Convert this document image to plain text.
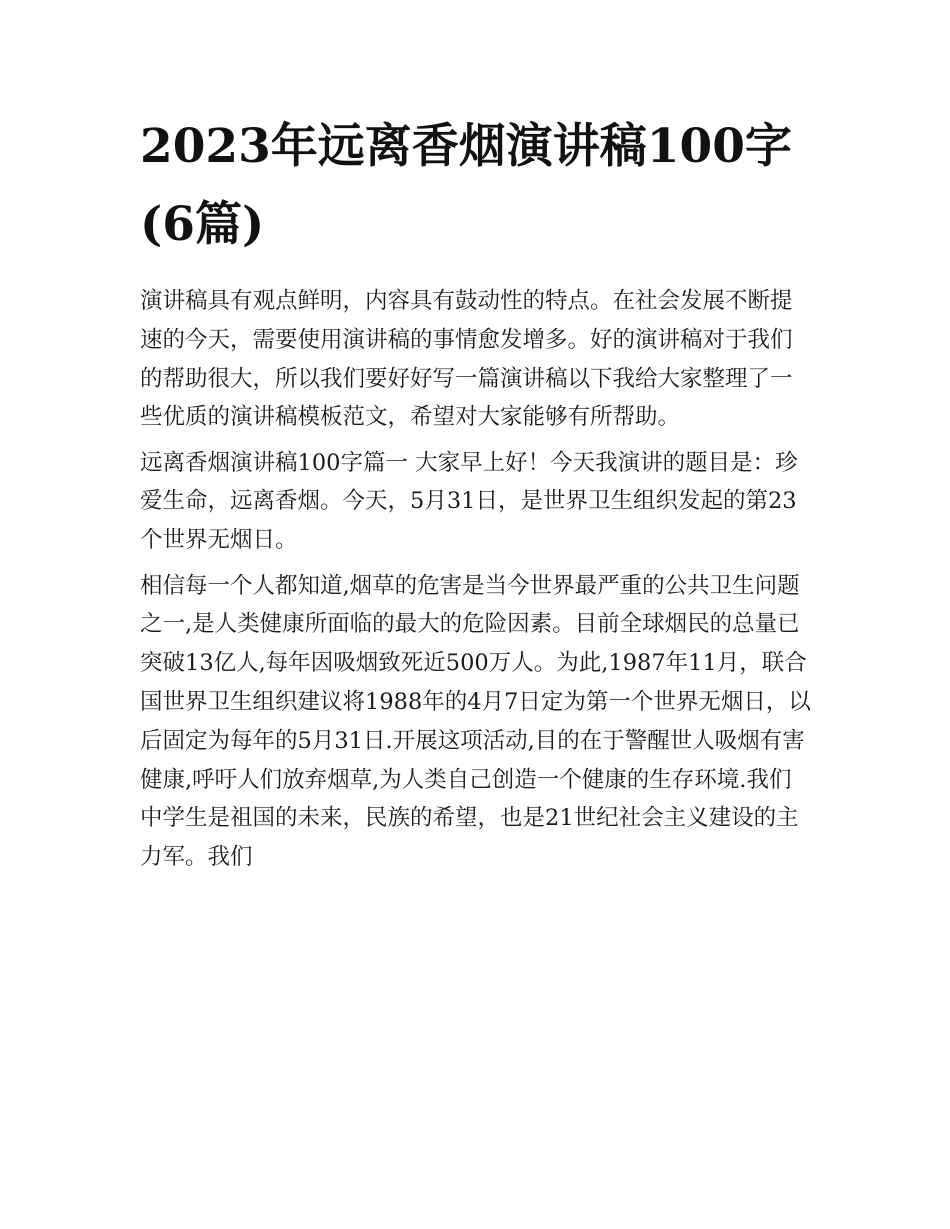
2023年远离香烟演讲稿100字(6篇)

演讲稿具有观点鲜明，内容具有鼓动性的特点。在社会发展不断提速的今天，需要使用演讲稿的事情愈发增多。好的演讲稿对于我们的帮助很大，所以我们要好好写一篇演讲稿以下我给大家整理了一些优质的演讲稿模板范文，希望对大家能够有所帮助。

远离香烟演讲稿100字篇一 大家早上好！今天我演讲的题目是：珍爱生命，远离香烟。今天，5月31日，是世界卫生组织发起的第23个世界无烟日。

相信每一个人都知道,烟草的危害是当今世界最严重的公共卫生问题之一,是人类健康所面临的最大的危险因素。目前全球烟民的总量已突破13亿人,每年因吸烟致死近500万人。为此,1987年11月，联合国世界卫生组织建议将1988年的4月7日定为第一个世界无烟日，以后固定为每年的5月31日.开展这项活动,目的在于警醒世人吸烟有害健康,呼吁人们放弃烟草,为人类自己创造一个健康的生存环境.我们中学生是祖国的未来，民族的希望，也是21世纪社会主义建设的主力军。我们
